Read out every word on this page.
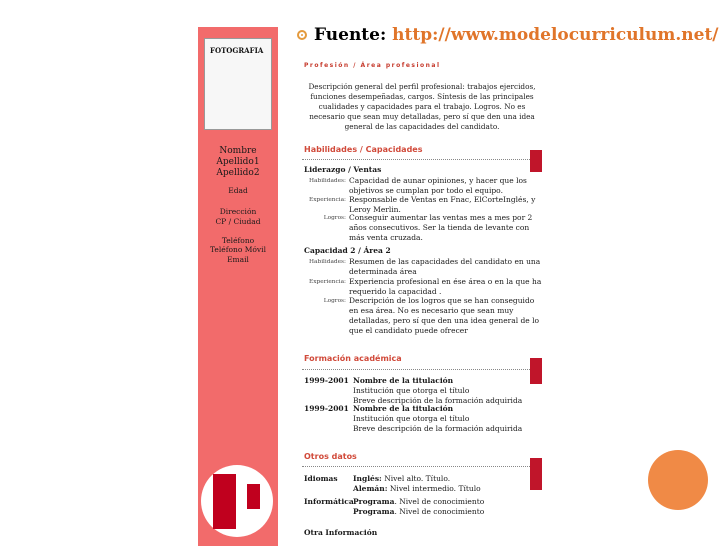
Fuente: http://www.modelocurriculum.net/
FOTOGRAFIA
Nombre
Apellido1
Apellido2
Edad
Dirección
CP / Ciudad
Teléfono
Teléfono Móvil
Email
Profesión / Área profesional
Descripción general del perfil profesional: trabajos ejercidos, funciones desempeñadas, cargos. Síntesis de las principales cualidades y capacidades para el trabajo. Logros. No es necesario que sean muy detalladas, pero sí que den una idea general de las capacidades del candidato.
Habilidades / Capacidades
Liderazgo / Ventas
Habilidades: Capacidad de aunar opiniones, y hacer que los objetivos se cumplan por todo el equipo.
Experiencia: Responsable de Ventas en Fnac, ElCorteInglés, y Leroy Merlin.
Logros: Conseguir aumentar las ventas mes a mes por 2 años consecutivos. Ser la tienda de levante con más venta cruzada.
Capacidad 2 / Área 2
Habilidades: Resumen de las capacidades del candidato en una determinada área
Experiencia: Experiencia profesional en ése área o en la que ha requerido la capacidad .
Logros: Descripción de los logros que se han conseguido en esa área. No es necesario que sean muy detalladas, pero sí que den una idea general de lo que el candidato puede ofrecer
Formación académica
1999-2001 Nombre de la titulación
Institución que otorga el título
Breve descripción de la formación adquirida
1999-2001 Nombre de la titulación
Institución que otorga el título
Breve descripción de la formación adquirida
Otros datos
Idiomas Inglés: Nivel alto. Título.
Alemán: Nivel intermedio. Título
Informática Programa. Nivel de conocimiento
Programa. Nivel de conocimiento
Otra Información
